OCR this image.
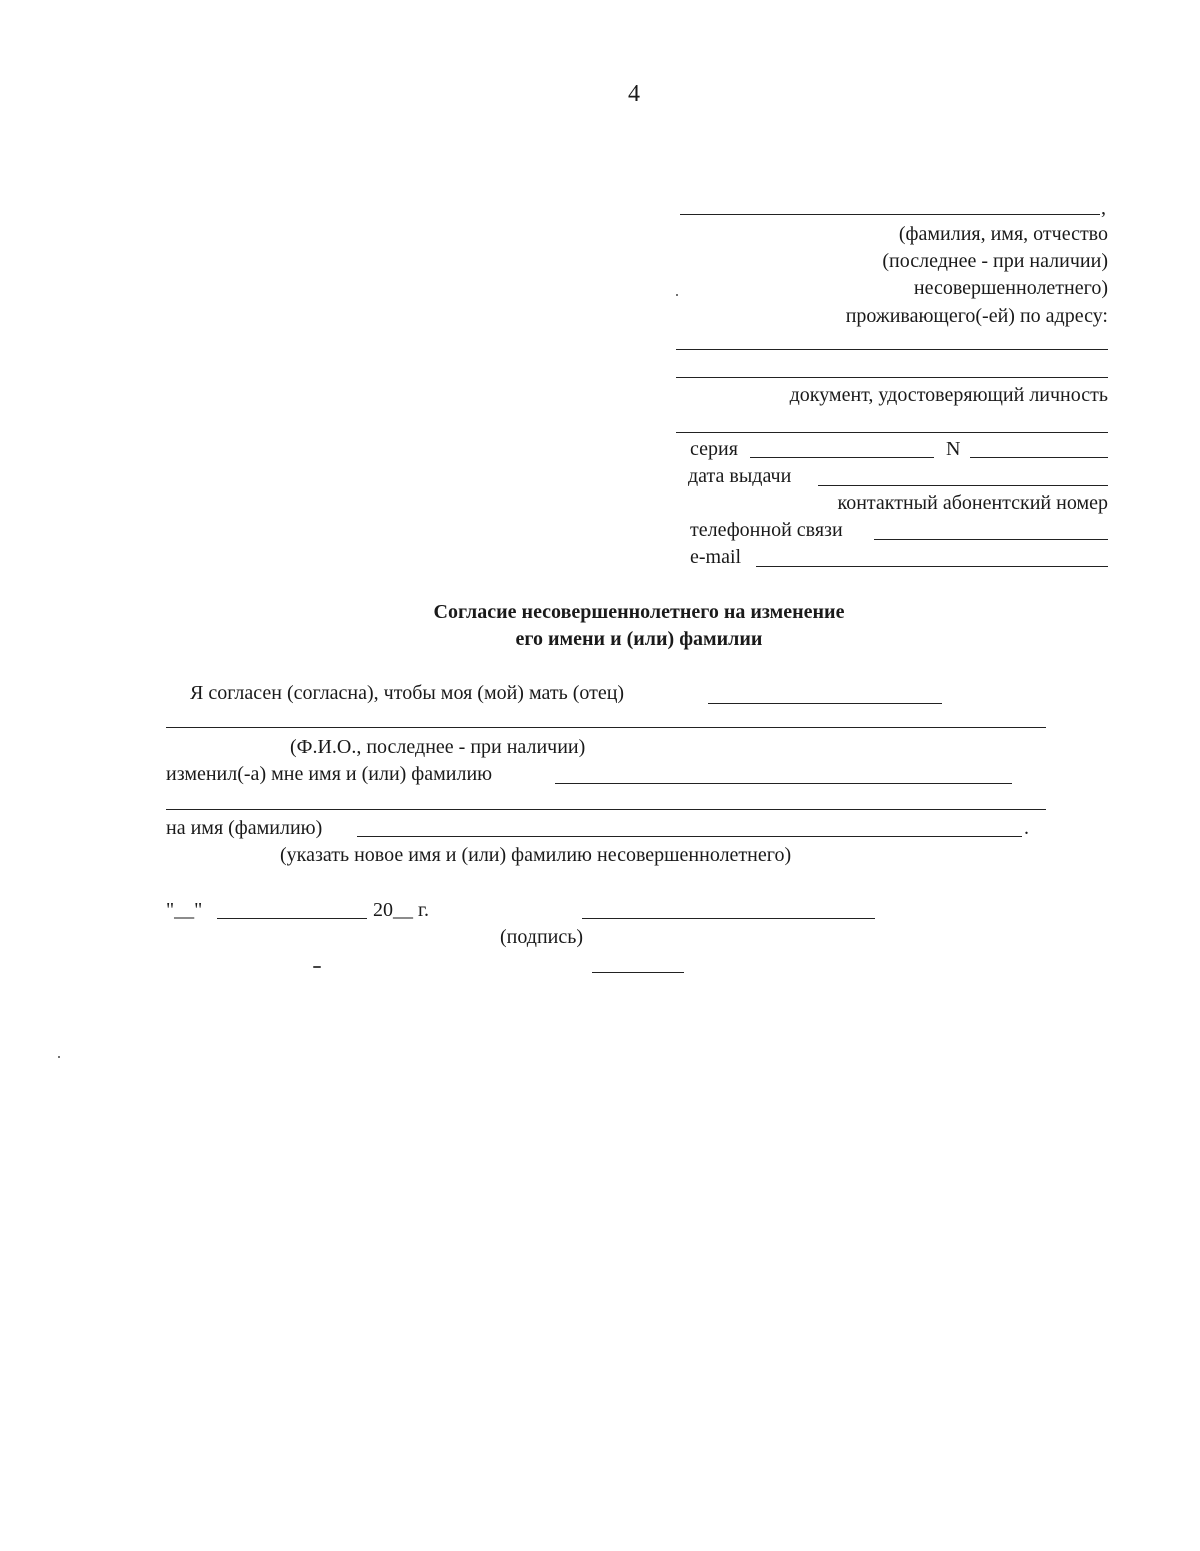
4
,
(фамилия, имя, отчество
(последнее - при наличии)
несовершеннолетнего)
проживающего(-ей) по адресу:
документ, удостоверяющий личность
серия	N
дата выдачи
контактный абонентский номер
телефонной связи
e-mail
Согласие несовершеннолетнего на изменение
его имени и (или) фамилии
Я согласен (согласна), чтобы моя (мой) мать (отец)
(Ф.И.О., последнее - при наличии)
изменил(-а) мне имя и (или) фамилию
на имя (фамилию)	.
(указать новое имя и (или) фамилию несовершеннолетнего)
"__"	20__ г.
(подпись)
